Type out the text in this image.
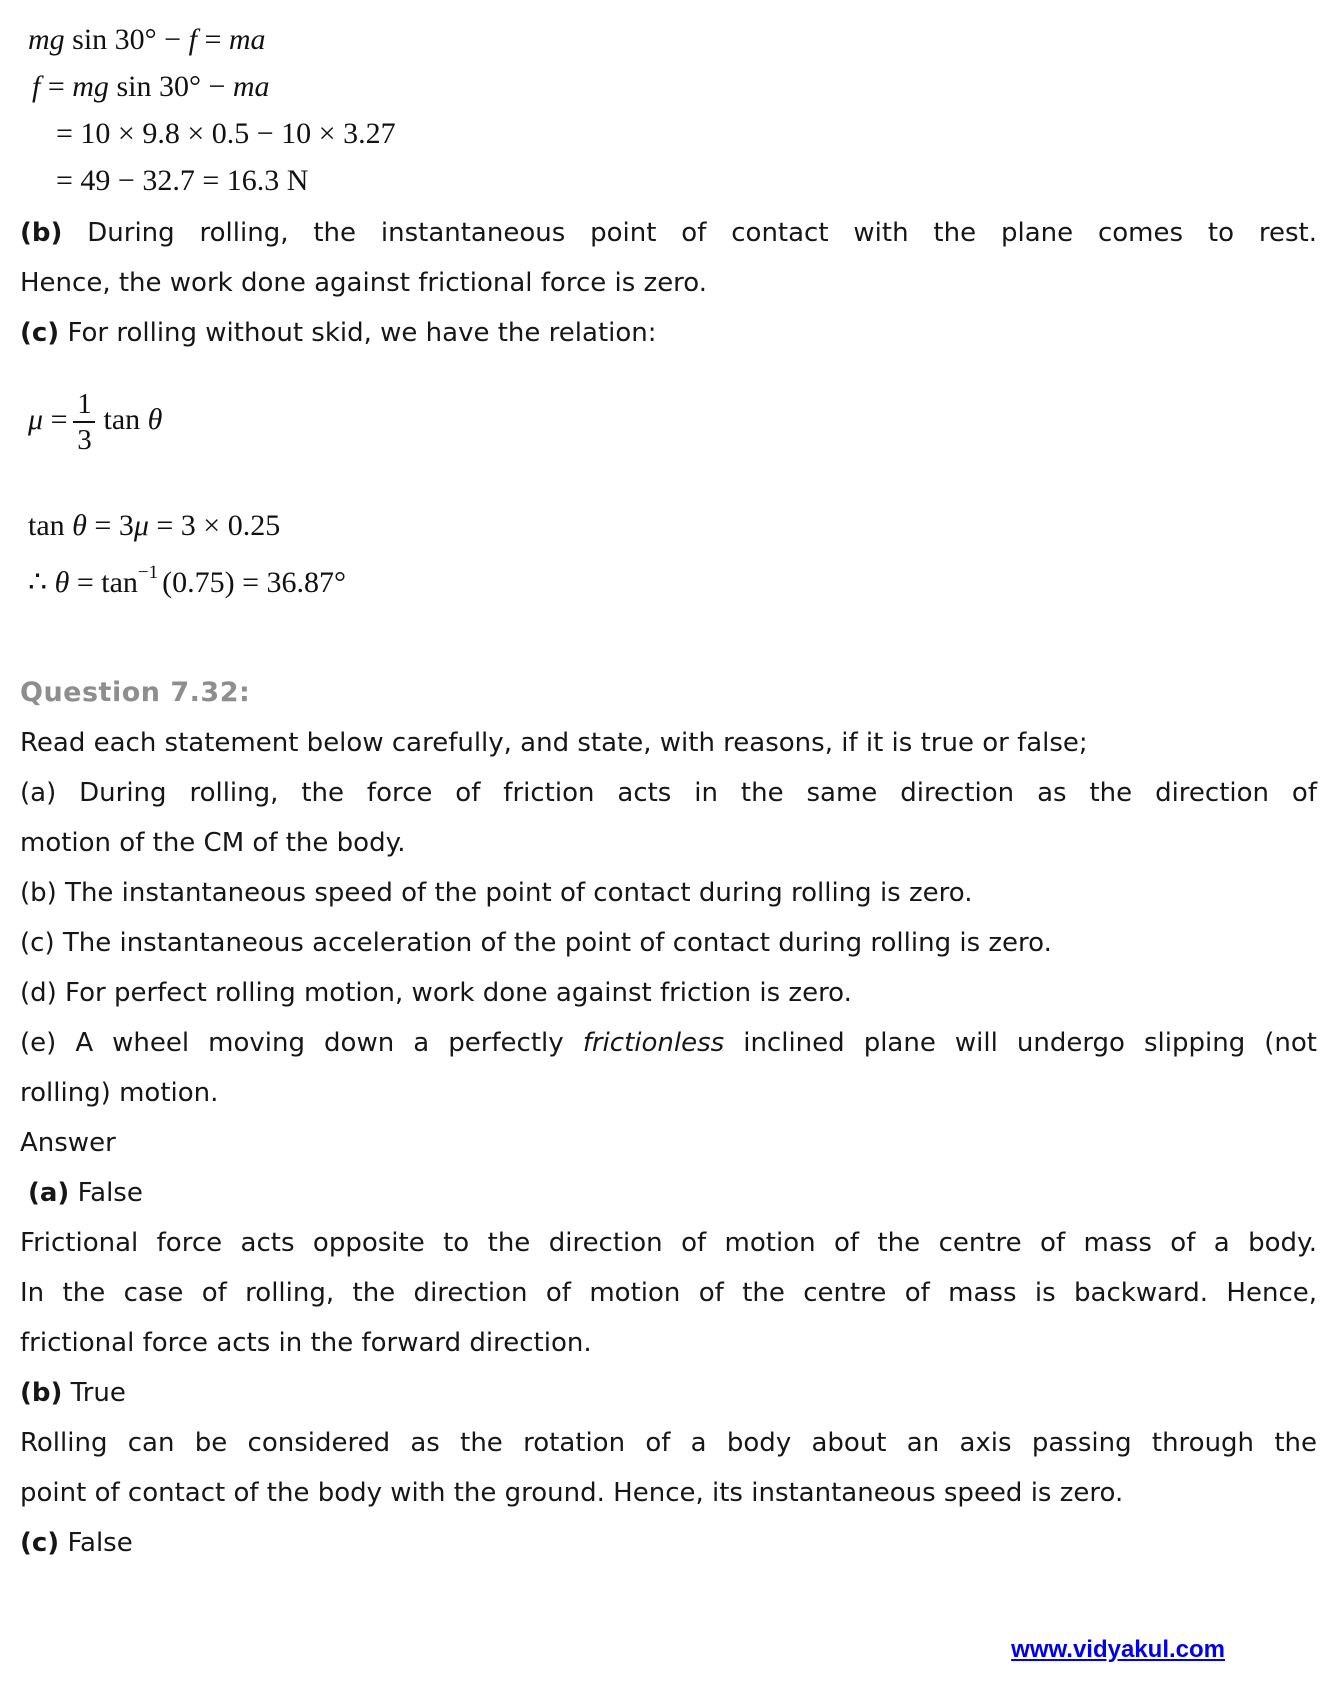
mg sin 30° − f = ma
f = mg sin 30° − ma
= 10 × 9.8 × 0.5 − 10 × 3.27
= 49 − 32.7 = 16.3 N
(b) During rolling, the instantaneous point of contact with the plane comes to rest.
Hence, the work done against frictional force is zero.
(c) For rolling without skid, we have the relation:
μ
= $\frac{1}{3}$ tan
θ
tan θ = 3μ = 3 × 0.25
∴ $\theta = \tan^{-1} (0.75) = 36.87^\circ$
Question 7.32:
Read each statement below carefully, and state, with reasons, if it is true or false;
(a) During rolling, the force of friction acts in the same direction as the direction of
motion of the CM of the body.
(b) The instantaneous speed of the point of contact during rolling is zero.
(c) The instantaneous acceleration of the point of contact during rolling is zero.
(d) For perfect rolling motion, work done against friction is zero.
(e) A wheel moving down a perfectly frictionless inclined plane will undergo slipping (not
rolling) motion.
Answer
(a) False
Frictional force acts opposite to the direction of motion of the centre of mass of a body.
In the case of rolling, the direction of motion of the centre of mass is backward. Hence,
frictional force acts in the forward direction.
(b) True
Rolling can be considered as the rotation of a body about an axis passing through the
point of contact of the body with the ground. Hence, its instantaneous speed is zero.
(c) False
www.vidyakul.com
